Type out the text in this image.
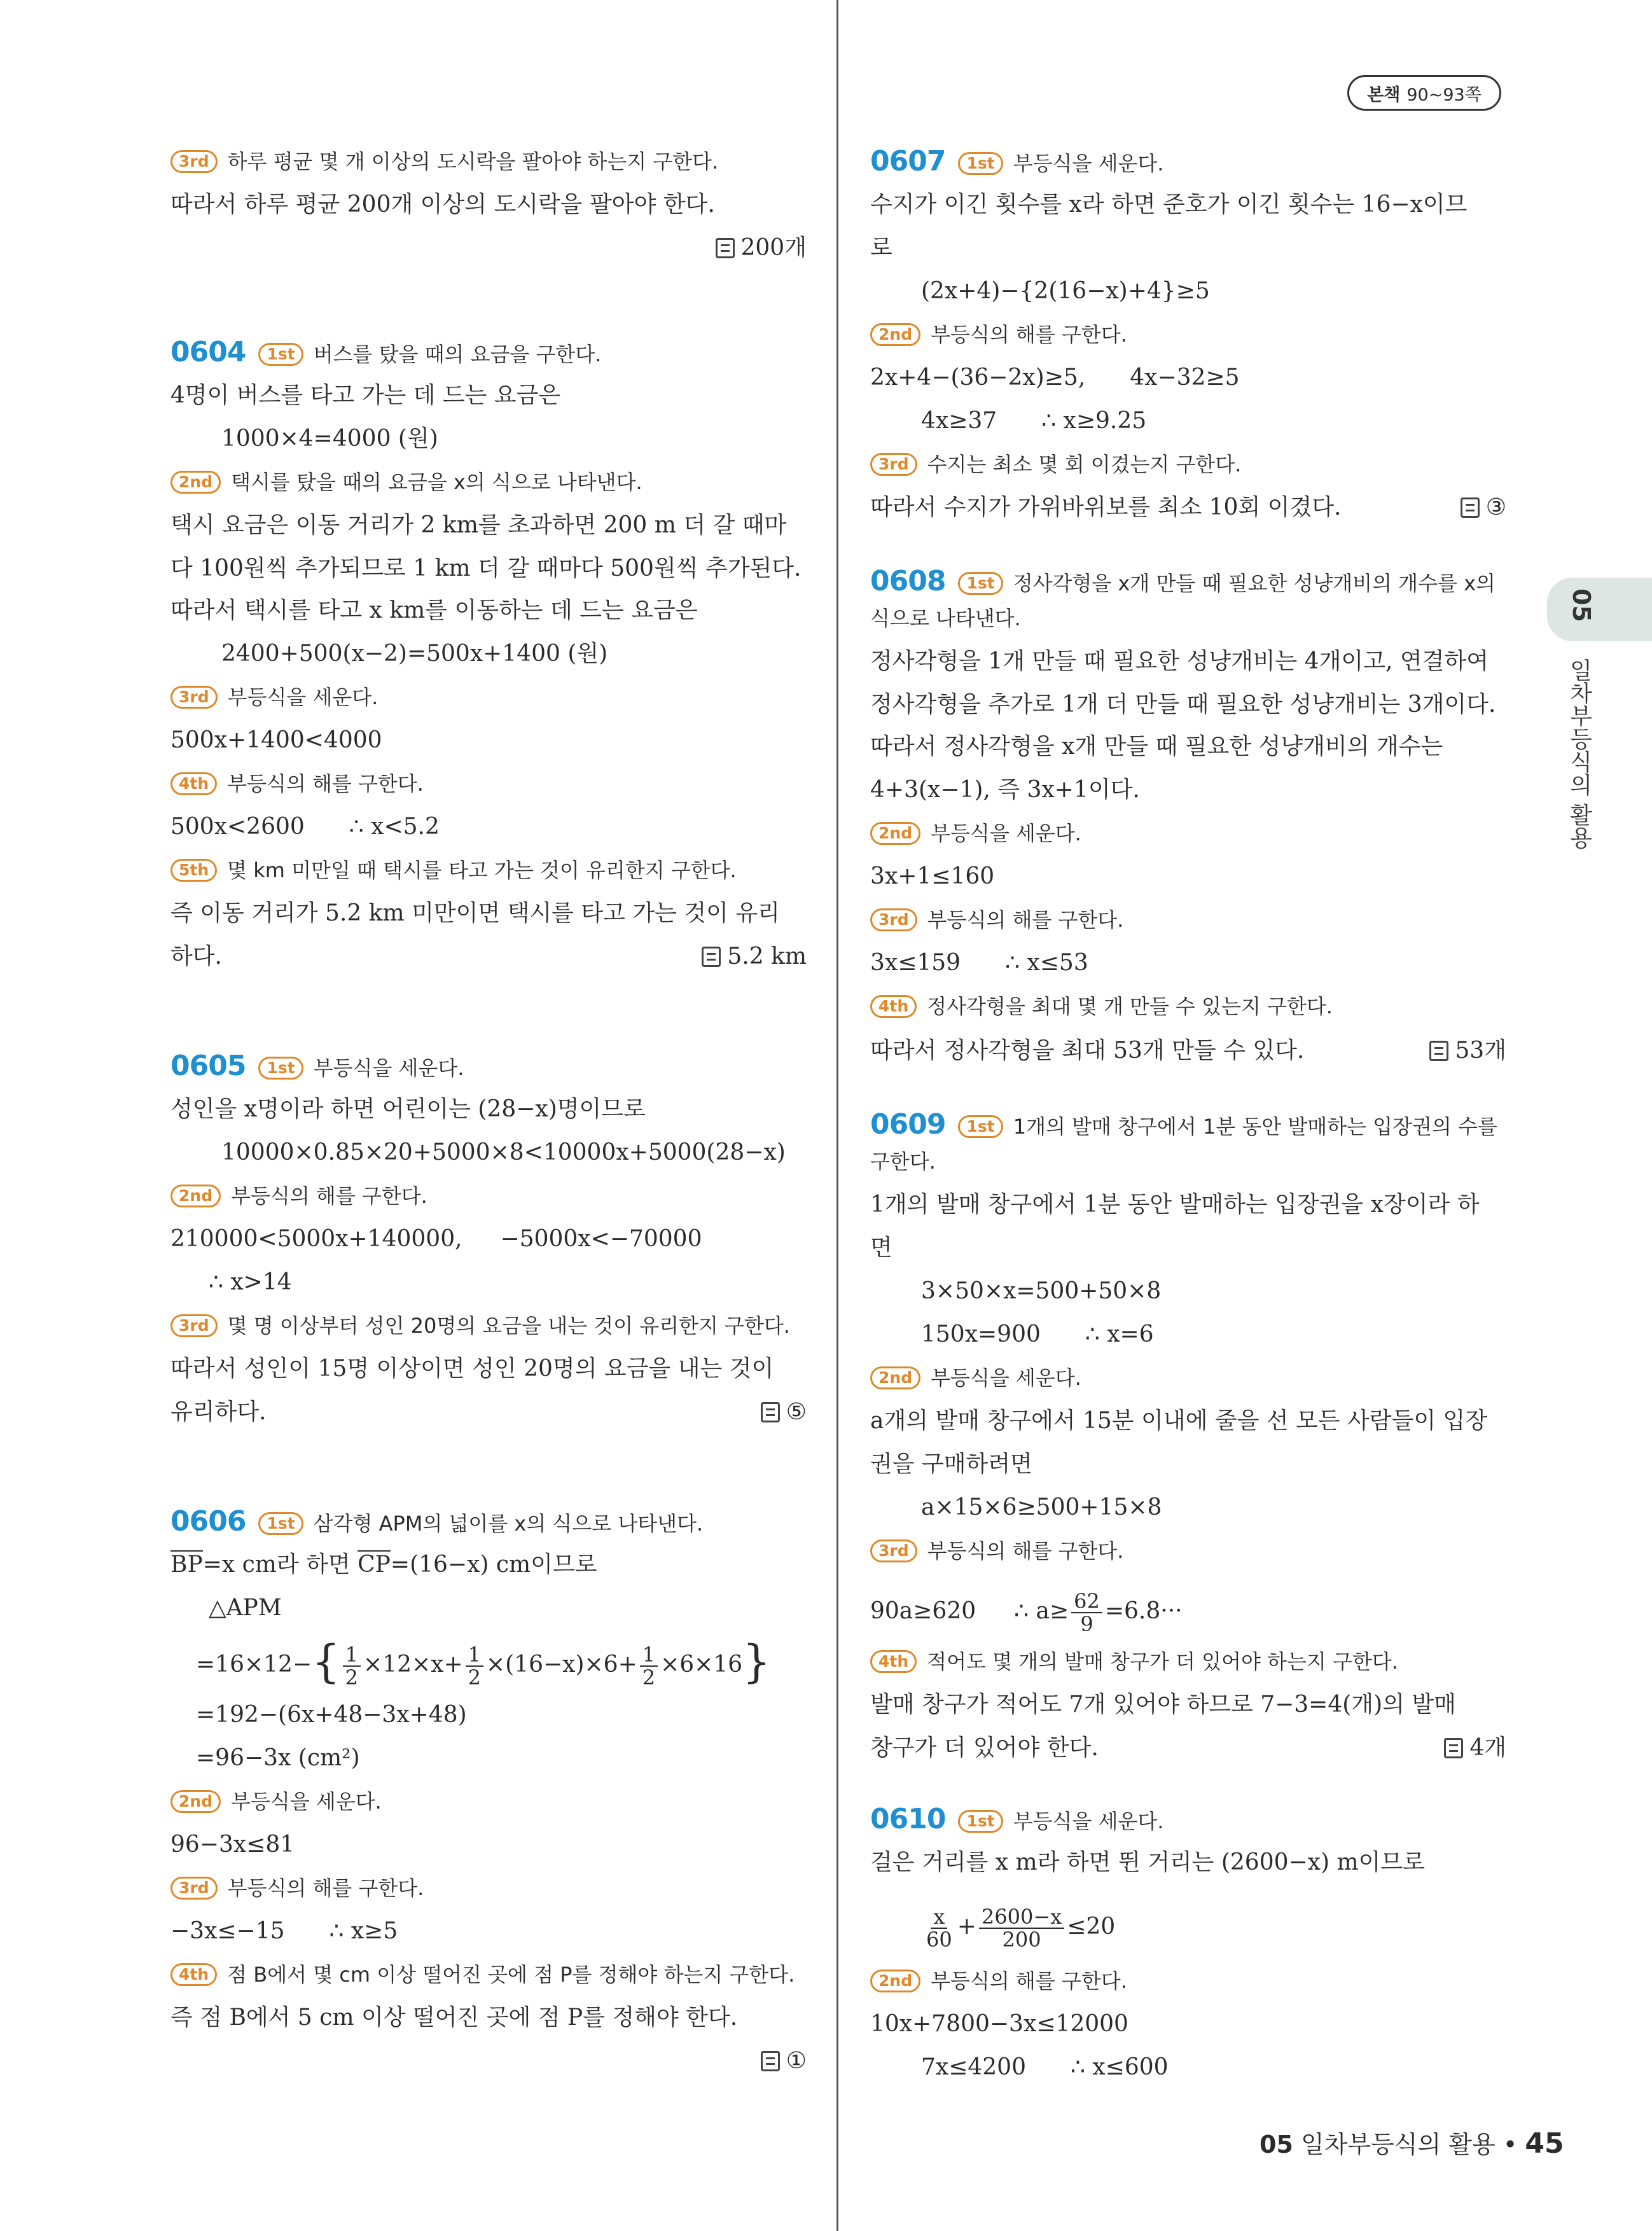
본책 90~93쪽
05
일차부등식의 활용
3rd 하루 평균 몇 개 이상의 도시락을 팔아야 하는지 구한다.
따라서 하루 평균 200개 이상의 도시락을 팔아야 한다.
200개
0604 1st 버스를 탔을 때의 요금을 구한다.
4명이 버스를 타고 가는 데 드는 요금은
1000×4=4000 (원)
2nd 택시를 탔을 때의 요금을 x의 식으로 나타낸다.
택시 요금은 이동 거리가 2 km를 초과하면 200 m 더 갈 때마
다 100원씩 추가되므로 1 km 더 갈 때마다 500원씩 추가된다.
따라서 택시를 타고 x km를 이동하는 데 드는 요금은
2400+500(x−2)=500x+1400 (원)
3rd 부등식을 세운다.
500x+1400<4000
4th 부등식의 해를 구한다.
500x<2600 ∴ x<5.2
5th 몇 km 미만일 때 택시를 타고 가는 것이 유리한지 구한다.
즉 이동 거리가 5.2 km 미만이면 택시를 타고 가는 것이 유리
하다.	5.2 km
0605 1st 부등식을 세운다.
성인을 x명이라 하면 어린이는 (28−x)명이므로
10000×0.85×20+5000×8<10000x+5000(28−x)
2nd 부등식의 해를 구한다.
210000<5000x+140000, −5000x<−70000
∴ x>14
3rd 몇 명 이상부터 성인 20명의 요금을 내는 것이 유리한지 구한다.
따라서 성인이 15명 이상이면 성인 20명의 요금을 내는 것이
유리하다.	⑤
0606 1st 삼각형 APM의 넓이를 x의 식으로 나타낸다.
BP=x cm라 하면 CP=(16−x) cm이므로
△APM
$=16\times 12-\{ \frac{1}{2} \times 12\times x+ \frac{1}{2} \times(16-x)\times 6+ \frac{1}{2} \times 6\times 16\}$
=192−(6x+48−3x+48)
=96−3x (cm²)
2nd 부등식을 세운다.
96−3x≤81
3rd 부등식의 해를 구한다.
−3x≤−15 ∴ x≥5
4th 점 B에서 몇 cm 이상 떨어진 곳에 점 P를 정해야 하는지 구한다.
즉 점 B에서 5 cm 이상 떨어진 곳에 점 P를 정해야 한다.
①
0607 1st 부등식을 세운다.
수지가 이긴 횟수를 x라 하면 준호가 이긴 횟수는 16−x이므
로
(2x+4)−{2(16−x)+4}≥5
2nd 부등식의 해를 구한다.
2x+4−(36−2x)≥5, 4x−32≥5
4x≥37 ∴ x≥9.25
3rd 수지는 최소 몇 회 이겼는지 구한다.
따라서 수지가 가위바위보를 최소 10회 이겼다.	③
0608 1st 정사각형을 x개 만들 때 필요한 성냥개비의 개수를 x의
식으로 나타낸다.
정사각형을 1개 만들 때 필요한 성냥개비는 4개이고, 연결하여
정사각형을 추가로 1개 더 만들 때 필요한 성냥개비는 3개이다.
따라서 정사각형을 x개 만들 때 필요한 성냥개비의 개수는
4+3(x−1), 즉 3x+1이다.
2nd 부등식을 세운다.
3x+1≤160
3rd 부등식의 해를 구한다.
3x≤159 ∴ x≤53
4th 정사각형을 최대 몇 개 만들 수 있는지 구한다.
따라서 정사각형을 최대 53개 만들 수 있다.	53개
0609 1st 1개의 발매 창구에서 1분 동안 발매하는 입장권의 수를
구한다.
1개의 발매 창구에서 1분 동안 발매하는 입장권을 x장이라 하
면
3×50×x=500+50×8
150x=900 ∴ x=6
2nd 부등식을 세운다.
a개의 발매 창구에서 15분 이내에 줄을 선 모든 사람들이 입장
권을 구매하려면
a×15×6≥500+15×8
3rd 부등식의 해를 구한다.
90a≥620 ∴ $a\ge \frac{62}{9} =6.8\cdot\cdot\cdot$
4th 적어도 몇 개의 발매 창구가 더 있어야 하는지 구한다.
발매 창구가 적어도 7개 있어야 하므로 7−3=4(개)의 발매
창구가 더 있어야 한다.	4개
0610 1st 부등식을 세운다.
걸은 거리를 x m라 하면 뛴 거리는 (2600−x) m이므로
$\frac{x}{60} + \frac{2600-x}{200} \le 20$
2nd 부등식의 해를 구한다.
10x+7800−3x≤12000
7x≤4200 ∴ x≤600
05 일차부등식의 활용 • 45
